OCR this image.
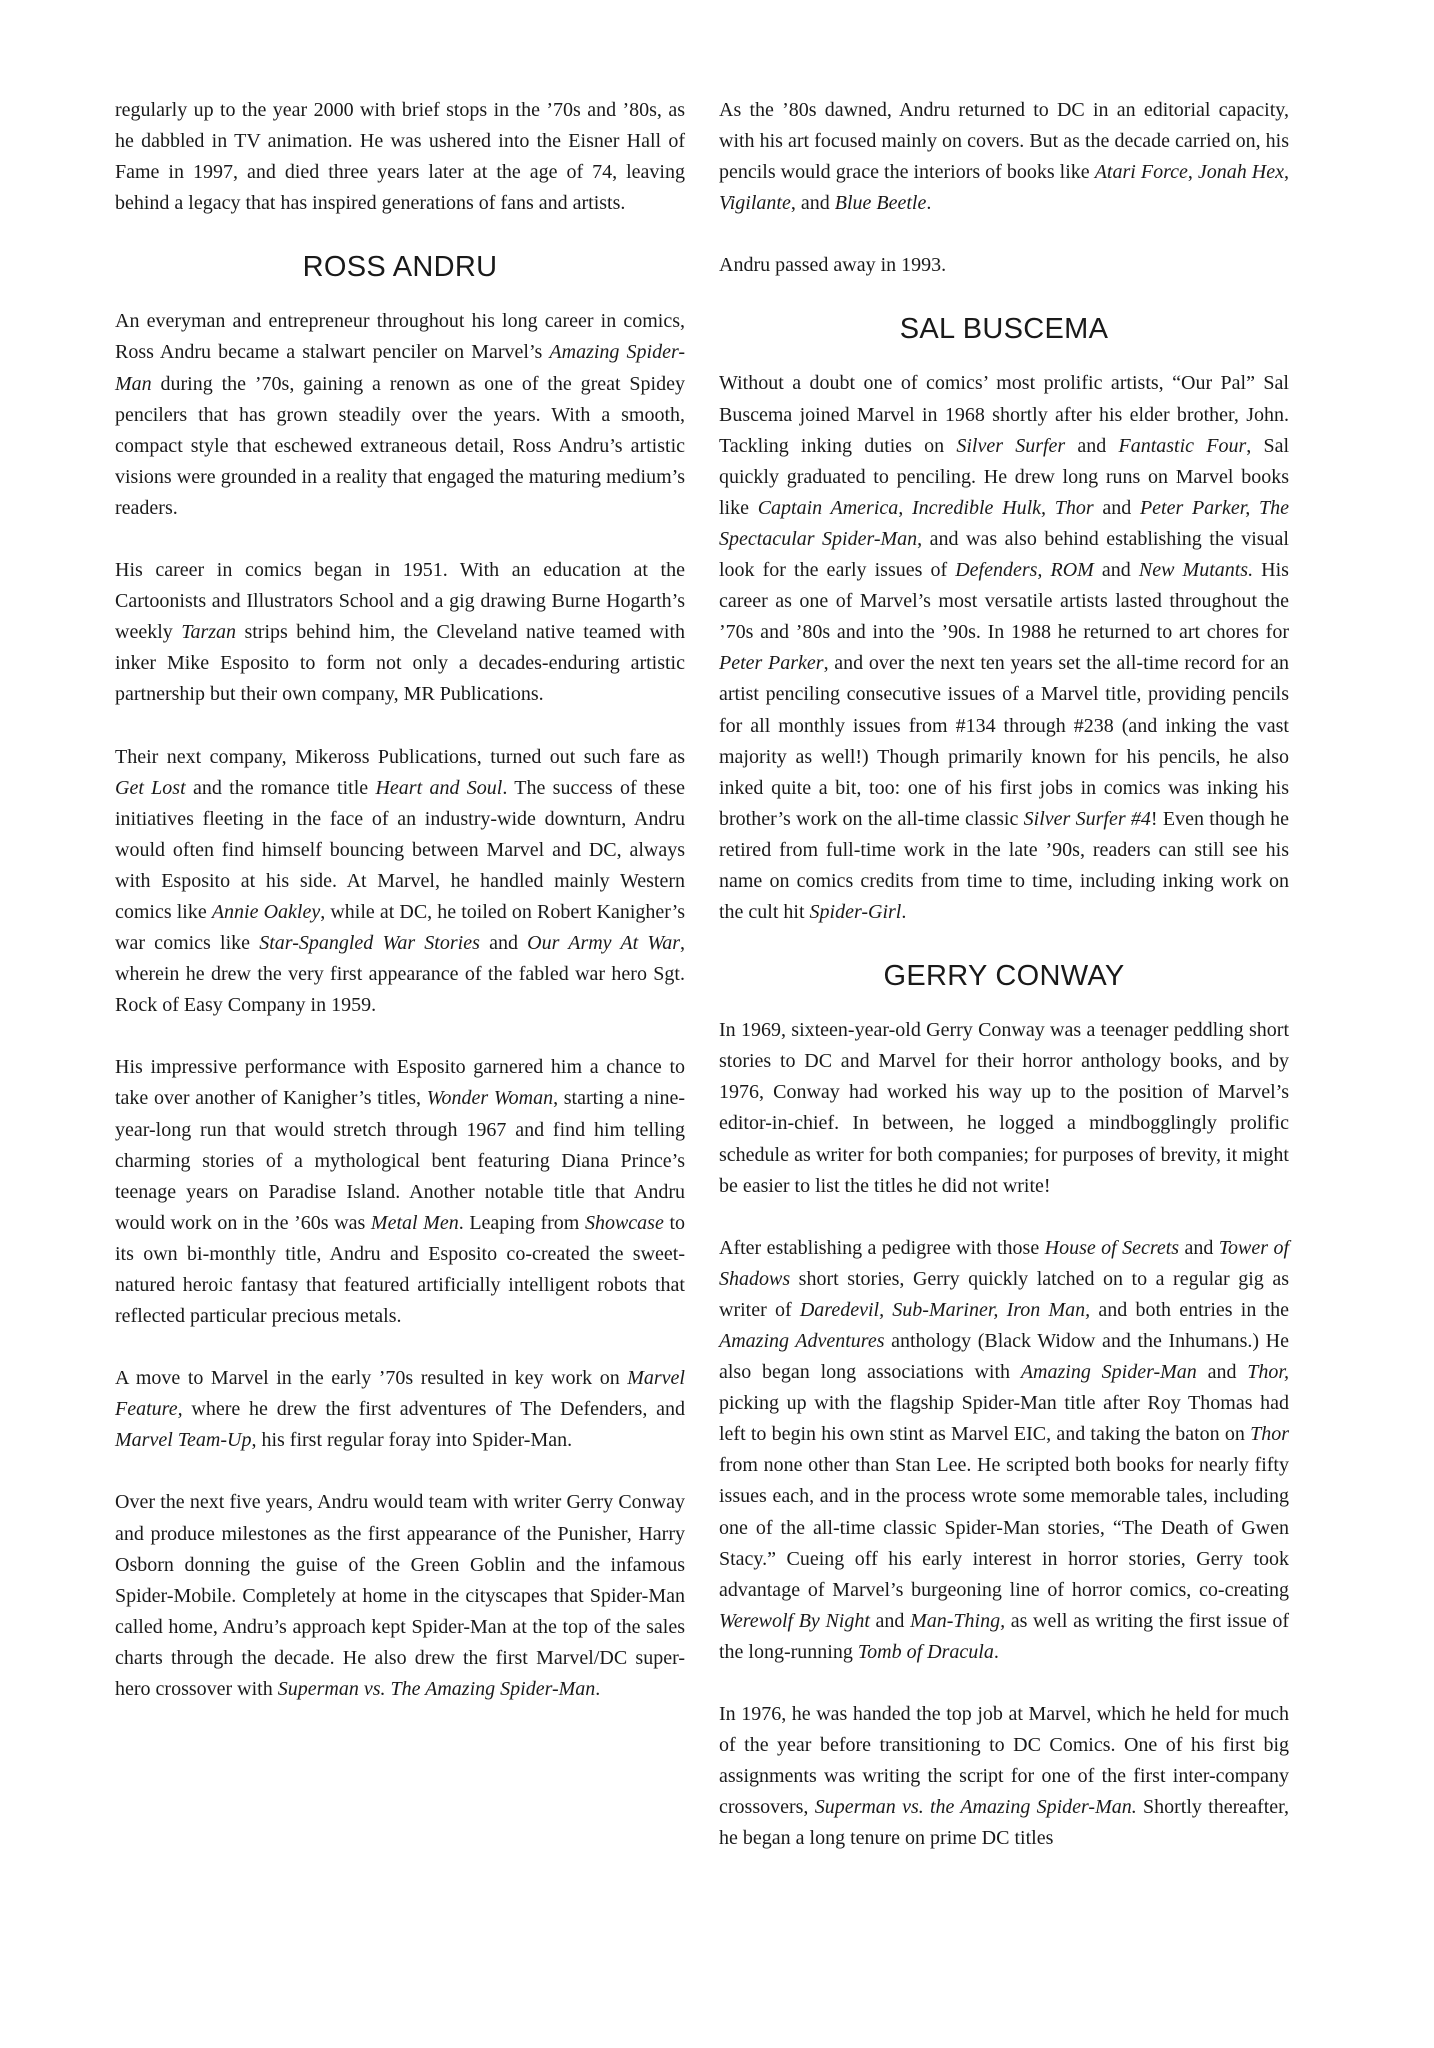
regularly up to the year 2000 with brief stops in the ’70s and ’80s, as he dabbled in TV animation. He was ushered into the Eisner Hall of Fame in 1997, and died three years later at the age of 74, leaving behind a legacy that has inspired generations of fans and artists.

ROSS ANDRU

An everyman and entrepreneur throughout his long career in comics, Ross Andru became a stalwart penciler on Marvel’s Amazing Spider-Man during the ’70s, gaining a renown as one of the great Spidey pencilers that has grown steadily over the years. With a smooth, compact style that eschewed extraneous detail, Ross Andru’s artistic visions were grounded in a reality that engaged the maturing medium’s readers.

His career in comics began in 1951. With an education at the Cartoonists and Illustrators School and a gig drawing Burne Hogarth’s weekly Tarzan strips behind him, the Cleveland native teamed with inker Mike Esposito to form not only a decades-enduring artistic partnership but their own company, MR Publications.

Their next company, Mikeross Publications, turned out such fare as Get Lost and the romance title Heart and Soul. The success of these initiatives fleeting in the face of an industry-wide downturn, Andru would often find himself bouncing between Marvel and DC, always with Esposito at his side. At Marvel, he handled mainly Western comics like Annie Oakley, while at DC, he toiled on Robert Kanigher’s war comics like Star-Spangled War Stories and Our Army At War, wherein he drew the very first appearance of the fabled war hero Sgt. Rock of Easy Company in 1959.

His impressive performance with Esposito garnered him a chance to take over another of Kanigher’s titles, Wonder Woman, starting a nine-year-long run that would stretch through 1967 and find him telling charming stories of a mythological bent featuring Diana Prince’s teenage years on Paradise Island. Another notable title that Andru would work on in the ’60s was Metal Men. Leaping from Showcase to its own bi-monthly title, Andru and Esposito co-created the sweet-natured heroic fantasy that featured artificially intelligent robots that reflected particular precious metals.

A move to Marvel in the early ’70s resulted in key work on Marvel Feature, where he drew the first adventures of The Defenders, and Marvel Team-Up, his first regular foray into Spider-Man.

Over the next five years, Andru would team with writer Gerry Conway and produce milestones as the first appearance of the Punisher, Harry Osborn donning the guise of the Green Goblin and the infamous Spider-Mobile. Completely at home in the cityscapes that Spider-Man called home, Andru’s approach kept Spider-Man at the top of the sales charts through the decade. He also drew the first Marvel/DC super-hero crossover with Superman vs. The Amazing Spider-Man.

As the ’80s dawned, Andru returned to DC in an editorial capacity, with his art focused mainly on covers. But as the decade carried on, his pencils would grace the interiors of books like Atari Force, Jonah Hex, Vigilante, and Blue Beetle.

Andru passed away in 1993.

SAL BUSCEMA

Without a doubt one of comics’ most prolific artists, “Our Pal” Sal Buscema joined Marvel in 1968 shortly after his elder brother, John. Tackling inking duties on Silver Surfer and Fantastic Four, Sal quickly graduated to penciling. He drew long runs on Marvel books like Captain America, Incredible Hulk, Thor and Peter Parker, The Spectacular Spider-Man, and was also behind establishing the visual look for the early issues of Defenders, ROM and New Mutants. His career as one of Marvel’s most versatile artists lasted throughout the ’70s and ’80s and into the ’90s. In 1988 he returned to art chores for Peter Parker, and over the next ten years set the all-time record for an artist penciling consecutive issues of a Marvel title, providing pencils for all monthly issues from #134 through #238 (and inking the vast majority as well!) Though primarily known for his pencils, he also inked quite a bit, too: one of his first jobs in comics was inking his brother’s work on the all-time classic Silver Surfer #4! Even though he retired from full-time work in the late ’90s, readers can still see his name on comics credits from time to time, including inking work on the cult hit Spider-Girl.

GERRY CONWAY

In 1969, sixteen-year-old Gerry Conway was a teenager peddling short stories to DC and Marvel for their horror anthology books, and by 1976, Conway had worked his way up to the position of Marvel’s editor-in-chief. In between, he logged a mindbogglingly prolific schedule as writer for both companies; for purposes of brevity, it might be easier to list the titles he did not write!

After establishing a pedigree with those House of Secrets and Tower of Shadows short stories, Gerry quickly latched on to a regular gig as writer of Daredevil, Sub-Mariner, Iron Man, and both entries in the Amazing Adventures anthology (Black Widow and the Inhumans.) He also began long associations with Amazing Spider-Man and Thor, picking up with the flagship Spider-Man title after Roy Thomas had left to begin his own stint as Marvel EIC, and taking the baton on Thor from none other than Stan Lee. He scripted both books for nearly fifty issues each, and in the process wrote some memorable tales, including one of the all-time classic Spider-Man stories, “The Death of Gwen Stacy.” Cueing off his early interest in horror stories, Gerry took advantage of Marvel’s burgeoning line of horror comics, co-creating Werewolf By Night and Man-Thing, as well as writing the first issue of the long-running Tomb of Dracula.

In 1976, he was handed the top job at Marvel, which he held for much of the year before transitioning to DC Comics. One of his first big assignments was writing the script for one of the first inter-company crossovers, Superman vs. the Amazing Spider-Man. Shortly thereafter, he began a long tenure on prime DC titles
